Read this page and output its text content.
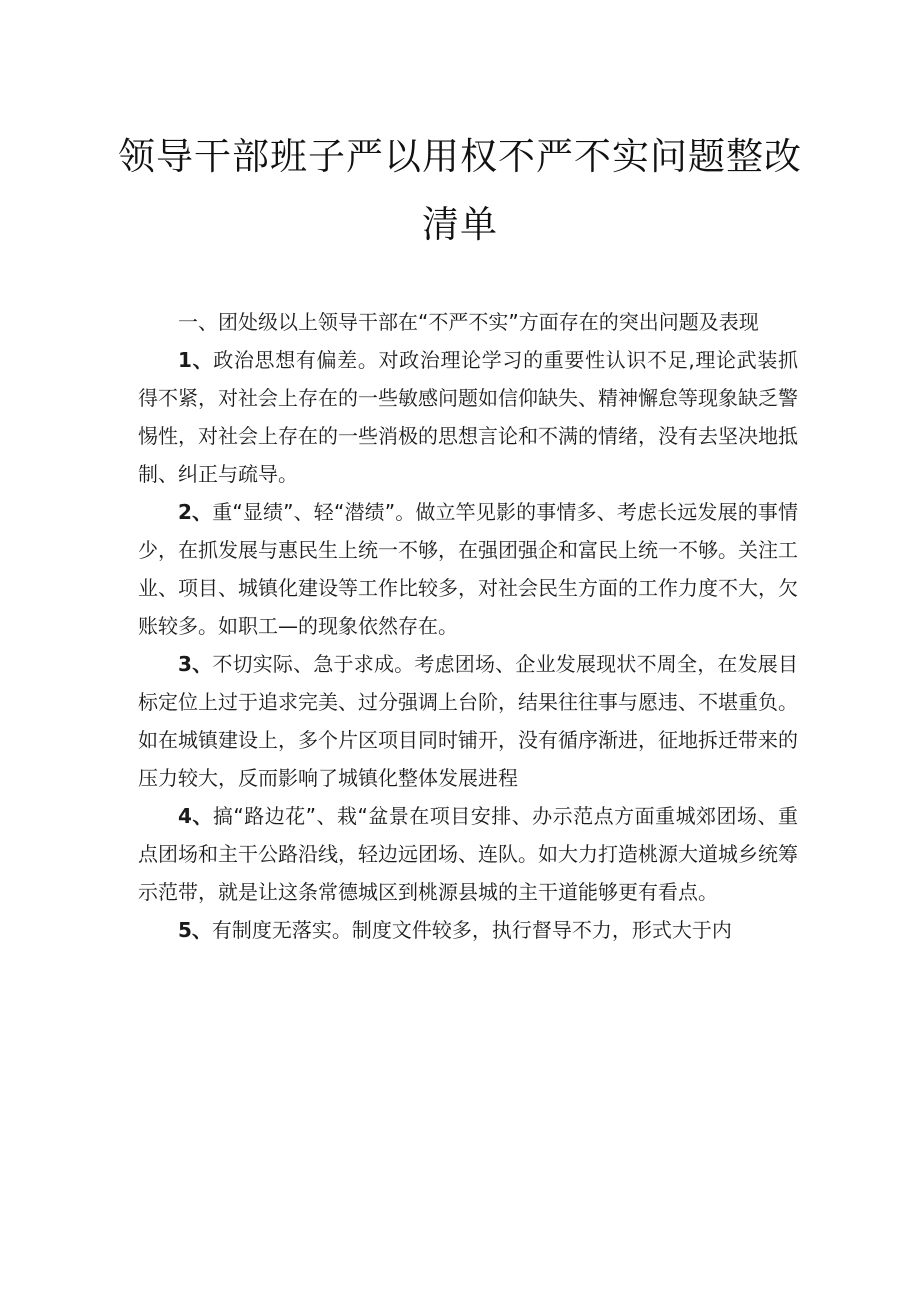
领导干部班子严以用权不严不实问题整改
清单

一、团处级以上领导干部在“不严不实”方面存在的突出问题及表现

1、政治思想有偏差。对政治理论学习的重要性认识不足,理论武装抓得不紧，对社会上存在的一些敏感问题如信仰缺失、精神懈怠等现象缺乏警惕性，对社会上存在的一些消极的思想言论和不满的情绪，没有去坚决地抵制、纠正与疏导。

2、重“显绩”、轻“潜绩”。做立竿见影的事情多、考虑长远发展的事情少，在抓发展与惠民生上统一不够，在强团强企和富民上统一不够。关注工业、项目、城镇化建设等工作比较多，对社会民生方面的工作力度不大，欠账较多。如职工—的现象依然存在。

3、不切实际、急于求成。考虑团场、企业发展现状不周全，在发展目标定位上过于追求完美、过分强调上台阶，结果往往事与愿违、不堪重负。如在城镇建设上，多个片区项目同时铺开，没有循序渐进，征地拆迁带来的压力较大，反而影响了城镇化整体发展进程

4、搞“路边花”、栽“盆景在项目安排、办示范点方面重城郊团场、重点团场和主干公路沿线，轻边远团场、连队。如大力打造桃源大道城乡统筹示范带，就是让这条常德城区到桃源县城的主干道能够更有看点。

5、有制度无落实。制度文件较多，执行督导不力，形式大于内
